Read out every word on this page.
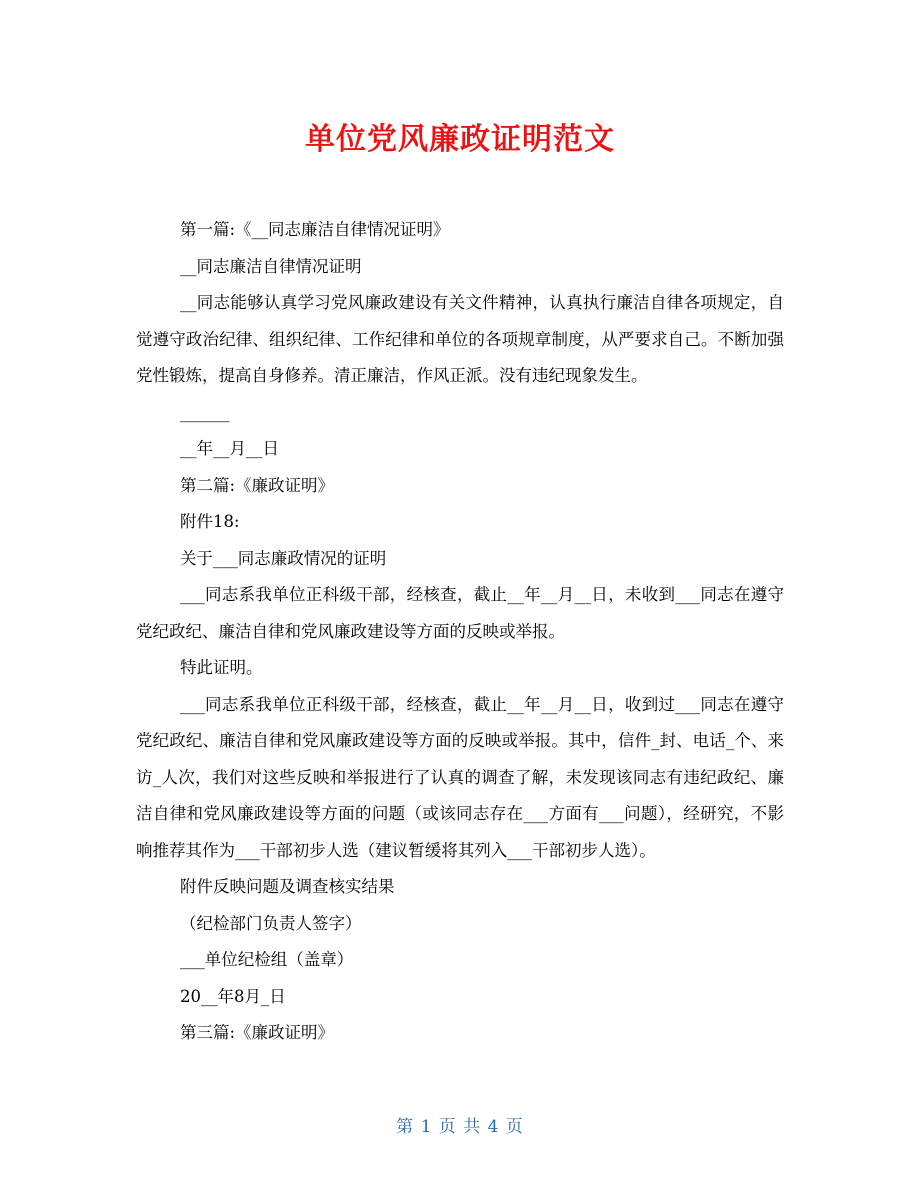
单位党风廉政证明范文

第一篇:《__同志廉洁自律情况证明》

__同志廉洁自律情况证明

__同志能够认真学习党风廉政建设有关文件精神，认真执行廉洁自律各项规定，自觉遵守政治纪律、组织纪律、工作纪律和单位的各项规章制度，从严要求自己。不断加强党性锻炼，提高自身修养。清正廉洁，作风正派。没有违纪现象发生。

______

__年__月__日

第二篇:《廉政证明》

附件18:

关于___同志廉政情况的证明

___同志系我单位正科级干部，经核查，截止__年__月__日，未收到___同志在遵守党纪政纪、廉洁自律和党风廉政建设等方面的反映或举报。

特此证明。

___同志系我单位正科级干部，经核查，截止__年__月__日，收到过___同志在遵守党纪政纪、廉洁自律和党风廉政建设等方面的反映或举报。其中，信件_封、电话_个、来访_人次，我们对这些反映和举报进行了认真的调查了解，未发现该同志有违纪政纪、廉洁自律和党风廉政建设等方面的问题（或该同志存在___方面有___问题），经研究，不影响推荐其作为___干部初步人选（建议暂缓将其列入___干部初步人选）。

附件反映问题及调查核实结果

（纪检部门负责人签字）

___单位纪检组（盖章）

20__年8月_日

第三篇:《廉政证明》

第 1 页 共 4 页
